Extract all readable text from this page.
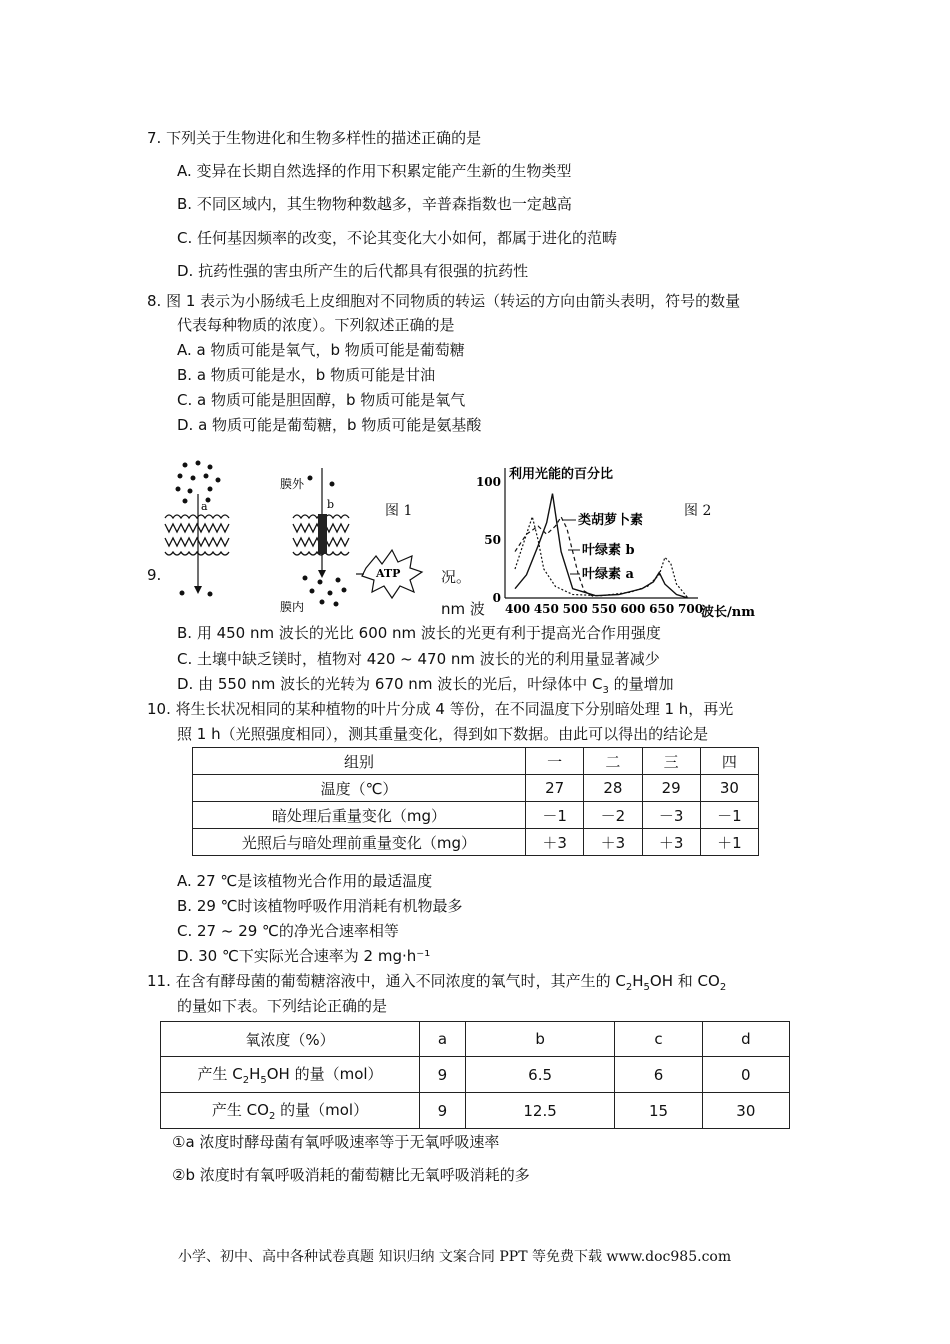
7. 下列关于生物进化和生物多样性的描述正确的是
A. 变异在长期自然选择的作用下积累定能产生新的生物类型
B. 不同区域内，其生物物种数越多，辛普森指数也一定越高
C. 任何基因频率的改变，不论其变化大小如何，都属于进化的范畴
D. 抗药性强的害虫所产生的后代都具有很强的抗药性
8. 图 1 表示为小肠绒毛上皮细胞对不同物质的转运（转运的方向由箭头表明，符号的数量
代表每种物质的浓度）。下列叙述正确的是
A. a 物质可能是氧气，b 物质可能是葡萄糖
B. a 物质可能是水，b 物质可能是甘油
C. a 物质可能是胆固醇，b 物质可能是氧气
D. a 物质可能是葡萄糖，b 物质可能是氨基酸
a
膜外
b
膜内
ATP
图 1
利用光能的百分比
波长/nm
400 450 500 550 600 650 700
0
50
100
类胡萝卜素
叶绿素 b
叶绿素 a
图 2
9.	况。
nm 波
B. 用 450 nm 波长的光比 600 nm 波长的光更有利于提高光合作用强度
C. 土壤中缺乏镁时，植物对 420 ~ 470 nm 波长的光的利用量显著减少
D. 由 550 nm 波长的光转为 670 nm 波长的光后，叶绿体中 $C_3$ 的量增加
10. 将生长状况相同的某种植物的叶片分成 4 等份，在不同温度下分别暗处理 1 h，再光
照 1 h（光照强度相同），测其重量变化，得到如下数据。由此可以得出的结论是
组别	一	二	三	四
温度（℃）	27	28	29	30
暗处理后重量变化（mg）	－1	－2	－3	－1
光照后与暗处理前重量变化（mg）	＋3	＋3	＋3	＋1
A. 27 ℃是该植物光合作用的最适温度
B. 29 ℃时该植物呼吸作用消耗有机物最多
C. 27 ~ 29 ℃的净光合速率相等
D. 30 ℃下实际光合速率为 2 mg·h⁻¹
11. 在含有酵母菌的葡萄糖溶液中，通入不同浓度的氧气时，其产生的 $C_2H_5OH$ 和 $CO_2$
的量如下表。下列结论正确的是
氧浓度（%）	a	b	c	d
产生 $C_2H_5OH$ 的量（mol）	9	6.5	6	0
产生 $CO_2$ 的量（mol）	9	12.5	15	30
①a 浓度时酵母菌有氧呼吸速率等于无氧呼吸速率
②b 浓度时有氧呼吸消耗的葡萄糖比无氧呼吸消耗的多
小学、初中、高中各种试卷真题 知识归纳 文案合同 PPT 等免费下载 www.doc985.com
